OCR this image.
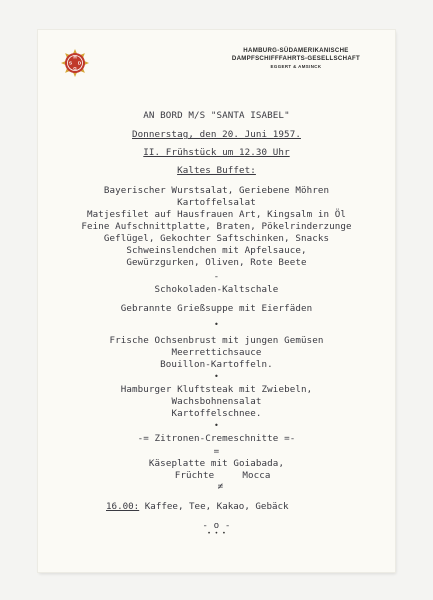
H
S D
G
HAMBURG-SÜDAMERIKANISCHE
DAMPFSCHIFFFAHRTS-GESELLSCHAFT
EGGERT & AMSINCK
AN BORD M/S "SANTA ISABEL"
Donnerstag, den 20. Juni 1957.
II. Frühstück um 12.30 Uhr
Kaltes Buffet:
Bayerischer Wurstsalat, Geriebene Möhren
Kartoffelsalat
Matjesfilet auf Hausfrauen Art, Kingsalm in Öl
Feine Aufschnittplatte, Braten, Pökelrinderzunge
Geflügel, Gekochter Saftschinken, Snacks
Schweinslendchen mit Apfelsauce,
Gewürzgurken, Oliven, Rote Beete
-
Schokoladen-Kaltschale
Gebrannte Grießsuppe mit Eierfäden
•
Frische Ochsenbrust mit jungen Gemüsen
Meerrettichsauce
Bouillon-Kartoffeln.
•
Hamburger Kluftsteak mit Zwiebeln,
Wachsbohnensalat
Kartoffelschnee.
•
-= Zitronen-Cremeschnitte =-
=
Käseplatte mit Goiabada,
Früchte	Mocca
≠
16.00: Kaffee, Tee, Kakao, Gebäck
- o -
• • •
